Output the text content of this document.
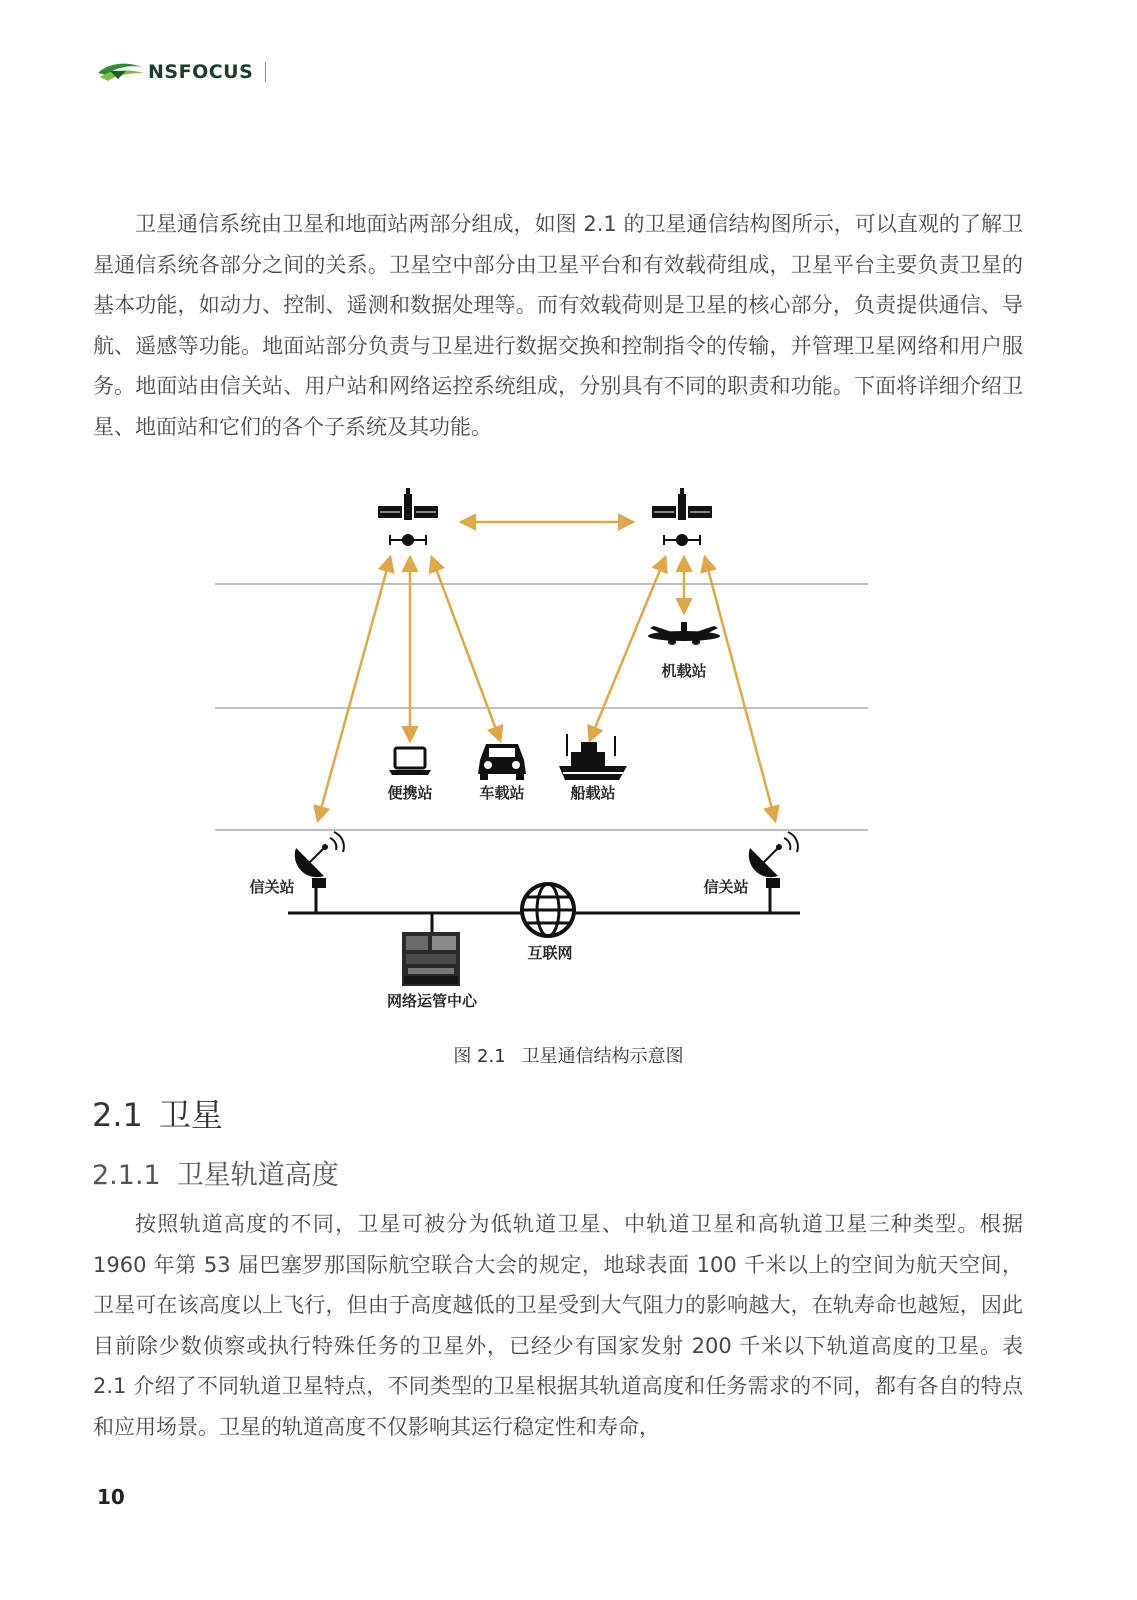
NSFOCUS
卫星通信系统由卫星和地面站两部分组成，如图 2.1 的卫星通信结构图所示，可以直观的了解卫星通信系统各部分之间的关系。卫星空中部分由卫星平台和有效载荷组成，卫星平台主要负责卫星的基本功能，如动力、控制、遥测和数据处理等。而有效载荷则是卫星的核心部分，负责提供通信、导航、遥感等功能。地面站部分负责与卫星进行数据交换和控制指令的传输，并管理卫星网络和用户服务。地面站由信关站、用户站和网络运控系统组成，分别具有不同的职责和功能。下面将详细介绍卫星、地面站和它们的各个子系统及其功能。
机载站
便携站	车载站	船载站
信关站	信关站
互联网
网络运管中心
图 2.1 卫星通信结构示意图
2.1 卫星
2.1.1 卫星轨道高度
按照轨道高度的不同，卫星可被分为低轨道卫星、中轨道卫星和高轨道卫星三种类型。根据 1960 年第 53 届巴塞罗那国际航空联合大会的规定，地球表面 100 千米以上的空间为航天空间，卫星可在该高度以上飞行，但由于高度越低的卫星受到大气阻力的影响越大，在轨寿命也越短，因此目前除少数侦察或执行特殊任务的卫星外，已经少有国家发射 200 千米以下轨道高度的卫星。表 2.1 介绍了不同轨道卫星特点，不同类型的卫星根据其轨道高度和任务需求的不同，都有各自的特点和应用场景。卫星的轨道高度不仅影响其运行稳定性和寿命，
10
